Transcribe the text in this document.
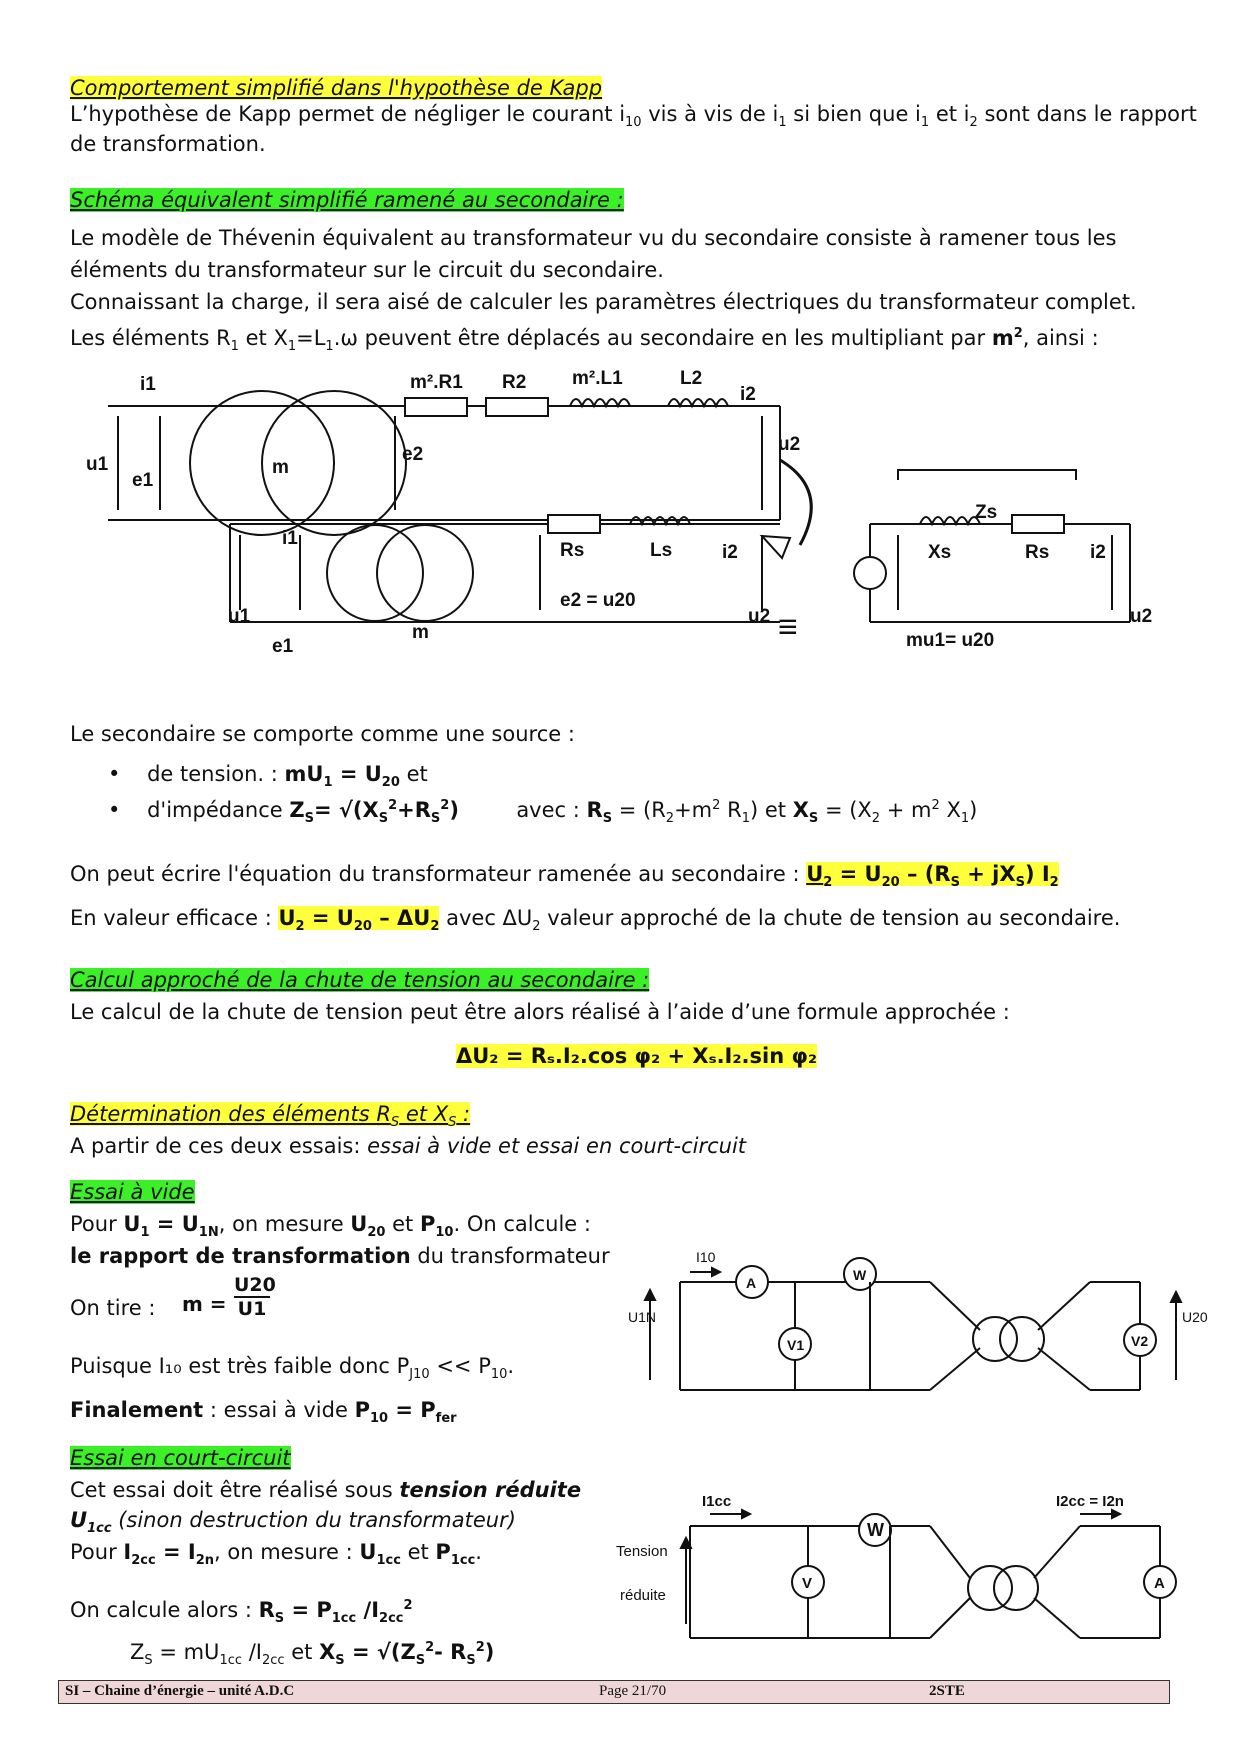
Comportement simplifié dans l'hypothèse de Kapp
L’hypothèse de Kapp permet de négliger le courant $i_{10}$ vis à vis de $i_1$ si bien que $i_1$ et $i_2$ sont dans le rapport
de transformation.
Schéma équivalent simplifié ramené au secondaire :
Le modèle de Thévenin équivalent au transformateur vu du secondaire consiste à ramener tous les
éléments du transformateur sur le circuit du secondaire.
Connaissant la charge, il sera aisé de calculer les paramètres électriques du transformateur complet.
Les éléments $R_1$ et $X_1=L_1.\omega$ peuvent être déplacés au secondaire en les multipliant par $m^2$, ainsi :
i1
u1
e1
m
e2
m².R1 R2 m².L1	L2
i2
u2
i1
u1
e1
m
e2 = u20
Rs	Ls	i2
u2 ≡
Zs
Xs	Rs i2
mu1= u20
u2
Le secondaire se comporte comme une source :
•    de tension. : $mU_1 = U_{20}$ et
•    d'impédance $Z_S= √(X_S^2+R_S^2)$	avec : $R_S = (R_2+m^2$ $R_1$) et $X_S = (X_2 + m^2$ $X_1$)
On peut écrire l'équation du transformateur ramenée au secondaire : $U_2 = U_{20} - (R_S + jX_S)$ $I_2$
En valeur efficace : $U_2 = U_{20} - \Delta U_2$ avec $\Delta U_2$ valeur approché de la chute de tension au secondaire.
Calcul approché de la chute de tension au secondaire :
Le calcul de la chute de tension peut être alors réalisé à l’aide d’une formule approchée :
ΔU₂ = Rₛ.I₂.cos φ₂ + Xₛ.I₂.sin φ₂
Détermination des éléments $R_S$ et $X_S$ :
A partir de ces deux essais: essai à vide et essai en court-circuit
Essai à vide
Pour $U_1 = U_{1N}$, on mesure $U_{20}$ et $P_{10}$. On calcule :
le rapport de transformation du transformateur
On tire : m =
U20
U1
Puisque I₁₀ est très faible donc $P_{J10} << P_{10}$.
Finalement : essai à vide $P_{10} = P_{fer}$
I10
U1N	U20
A	W
V1	V2
Essai en court-circuit
Cet essai doit être réalisé sous tension réduite
$U_{1cc}$ (sinon destruction du transformateur)
Pour $I_{2cc} = I_{2n}$, on mesure : $U_{1cc}$ et $P_{1cc}$.
On calcule alors : $R_S = P_{1cc}$ $/I_{2cc}^2$
$Z_S = mU_{1cc}$ $/I_{2cc}$ et $X_S = √(Z_S^2-$ $R_S^2$)
I1cc	I2cc = I2n
Tension
réduite
V
W
A
SI – Chaine d’énergie – unité A.D.C	Page 21/70	2STE
